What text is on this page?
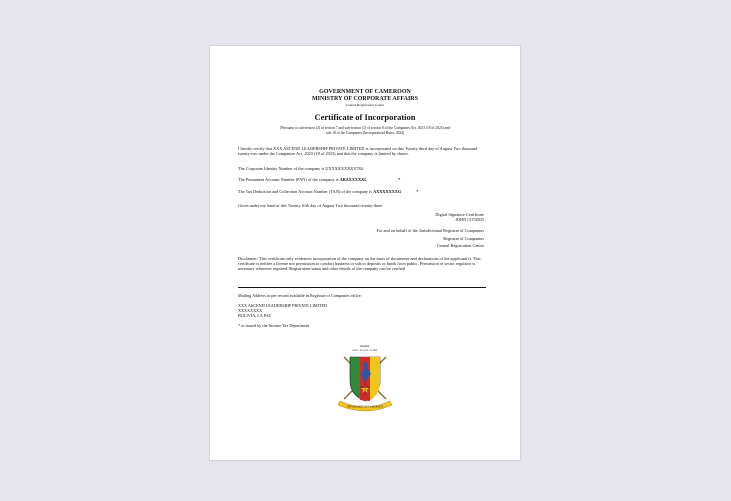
GOVERNMENT OF CAMEROON
MINISTRY OF CORPORATE AFFAIRS
Central Registration Centre
Certificate of Incorporation
[Pursuant to sub-section (2) of section 7 and sub-section (1) of section 8 of the Companies Act, 2023 (18 of 2023) and
rule 18 of the Companies (Incorporation) Rules, 2024]
I hereby certify that XXX ASCEND LEADERSHIP PRIVATE LIMITED is incorporated on this Twenty third day of August Two thousand twenty-two under the Companies Act, 2023 (18 of 2023) and that the company is limited by shares.
The Corporate Identity Number of the company is UXXXXXXXXX784.
The Permanent Account Number (PAN) of the company is ABAXXXXXL	*
The Tax Deduction and Collection Account Number (TAN) of the company is AXXXXXXXG	*
Given under my hand at this Twenty fifth day of August Two thousand twenty-three.
Digital Signature Certificate
JOHN CITIZEN
For and on behalf of the Jurisdictional Registrar of Companies
Registrar of Companies
Central Registration Centre
Disclaimer: This certificate only evidences incorporation of the company on the basis of documents and declarations of the applicant(s). This certificate is neither a license nor permission to conduct business or solicit deposits or funds from public. Permission of sector regulator is necessary wherever required. Registration status and other details of the company can be verified
Mailing Address as per record available in Registrar of Companies office:
XXX ASCEND LEADERSHIP PRIVATE LIMITED
XXXXXXXX
BOLIVIA, LA PAZ
* as issued by the Income Tax Department
Republic
PAIX · TRAVAIL · PATRIE
REPUBLIQUE DU CAMEROUN
